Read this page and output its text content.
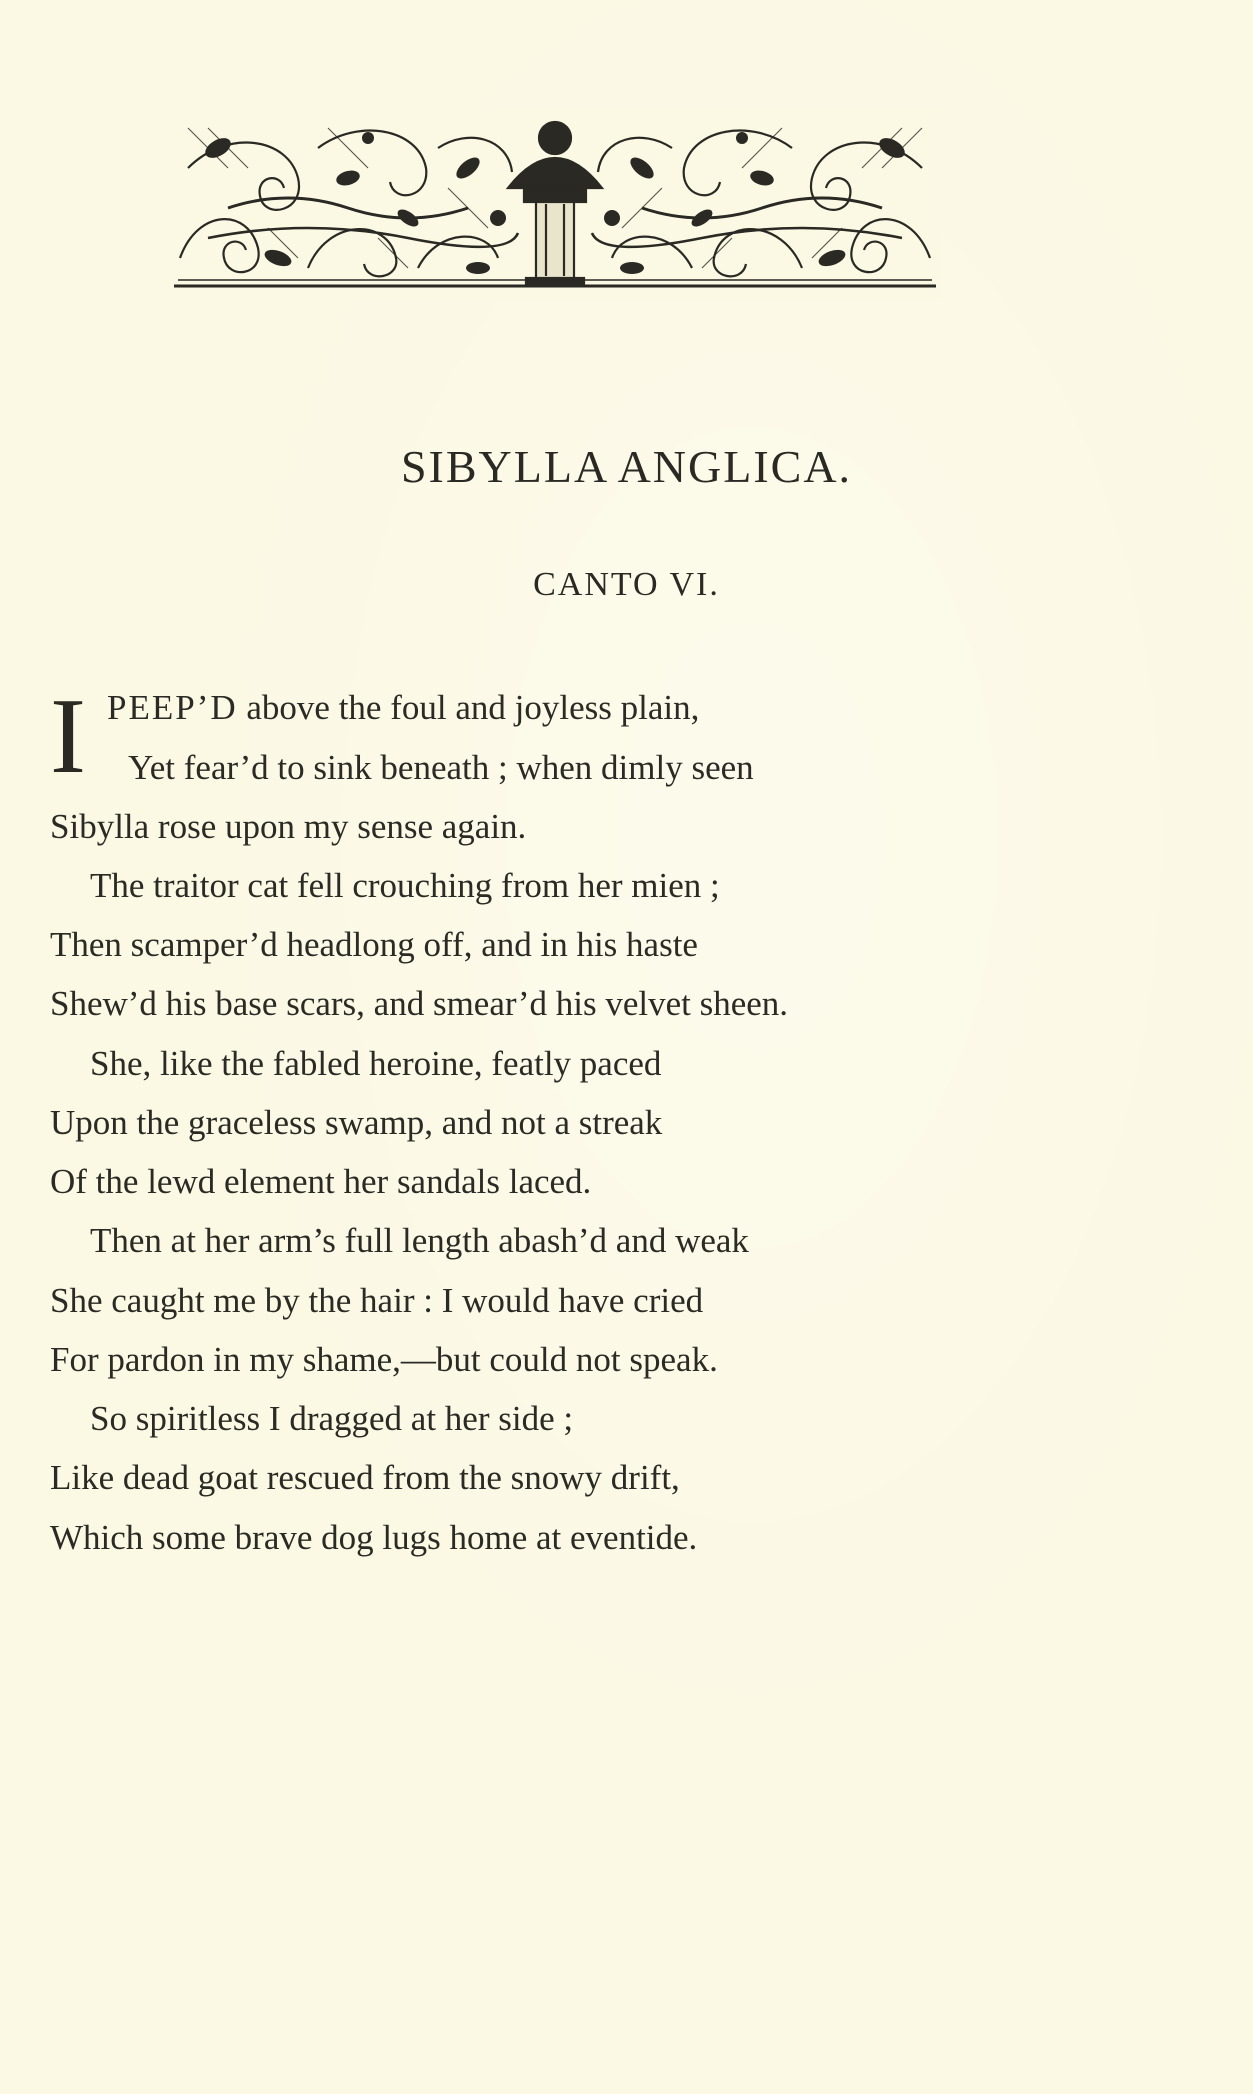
SIBYLLA ANGLICA.
CANTO VI.
I PEEP’D above the foul and joyless plain,
Yet fear’d to sink beneath ; when dimly seen
Sibylla rose upon my sense again.
The traitor cat fell crouching from her mien ;
Then scamper’d headlong off, and in his haste
Shew’d his base scars, and smear’d his velvet sheen.
She, like the fabled heroine, featly paced
Upon the graceless swamp, and not a streak
Of the lewd element her sandals laced.
Then at her arm’s full length abash’d and weak
She caught me by the hair : I would have cried
For pardon in my shame,—but could not speak.
So spiritless I dragged at her side ;
Like dead goat rescued from the snowy drift,
Which some brave dog lugs home at eventide.
